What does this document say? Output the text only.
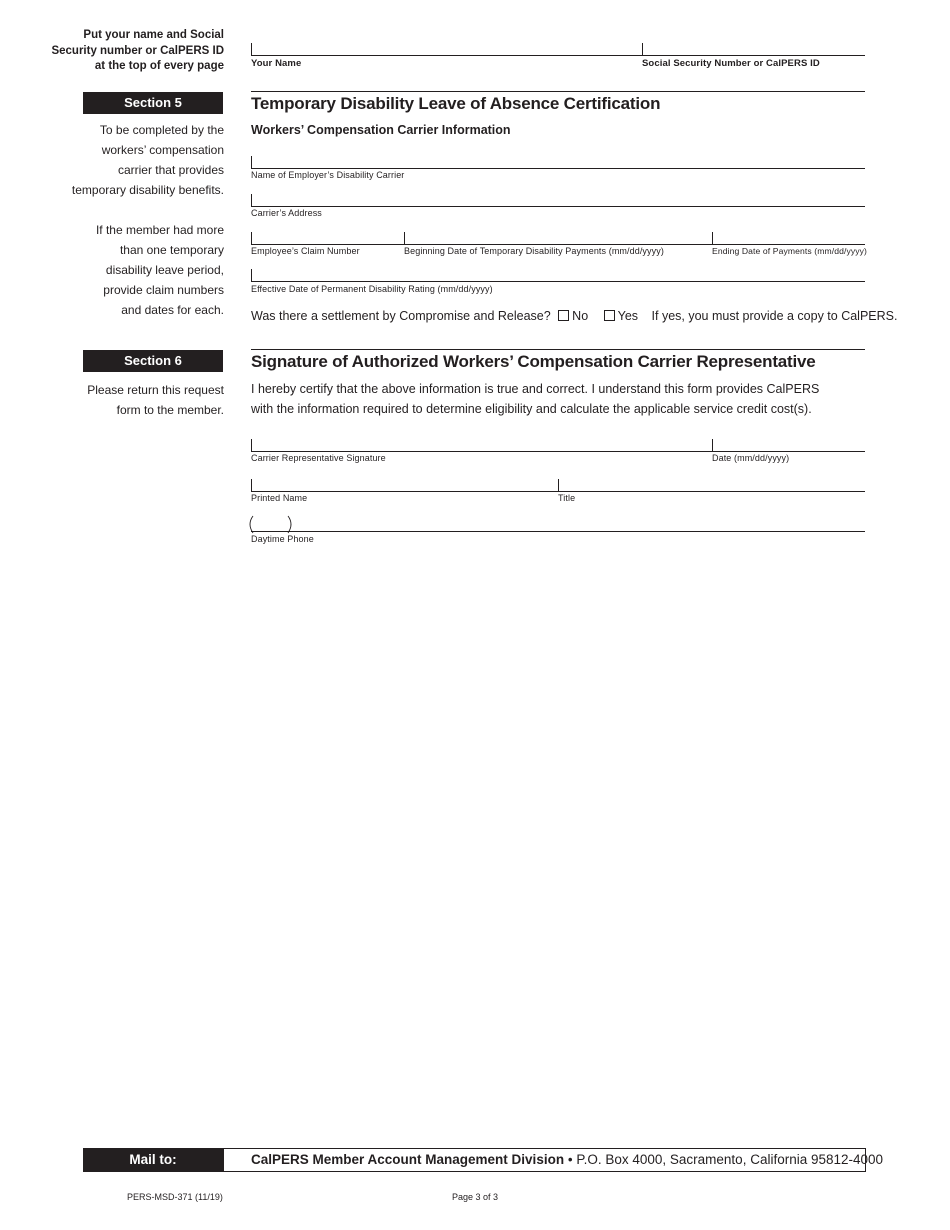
Put your name and Social
Security number or CalPERS ID
at the top of every page	Your Name	Social Security Number or CalPERS ID
Section 5	Temporary Disability Leave of Absence Certification
Workers’ Compensation Carrier Information
To be completed by the
workers’ compensation
carrier that provides
temporary disability benefits.
If the member had more
than one temporary
disability leave period,
provide claim numbers
and dates for each.
Name of Employer’s Disability Carrier
Carrier’s Address
Employee’s Claim Number	Beginning Date of Temporary Disability Payments (mm/dd/yyyy)	Ending Date of Payments (mm/dd/yyyy)
Effective Date of Permanent Disability Rating (mm/dd/yyyy)
Was there a settlement by Compromise and Release? No Yes If yes, you must provide a copy to CalPERS.
Section 6	Signature of Authorized Workers’ Compensation Carrier Representative
Please return this request
form to the member.
I hereby certify that the above information is true and correct. I understand this form provides CalPERS
with the information required to determine eligibility and calculate the applicable service credit cost(s).
Carrier Representative Signature	Date (mm/dd/yyyy)
Printed Name	Title
Daytime Phone
Mail to:	CalPERS Member Account Management Division • P.O. Box 4000, Sacramento, California 95812-4000
PERS-MSD-371 (11/19)	Page 3 of 3
